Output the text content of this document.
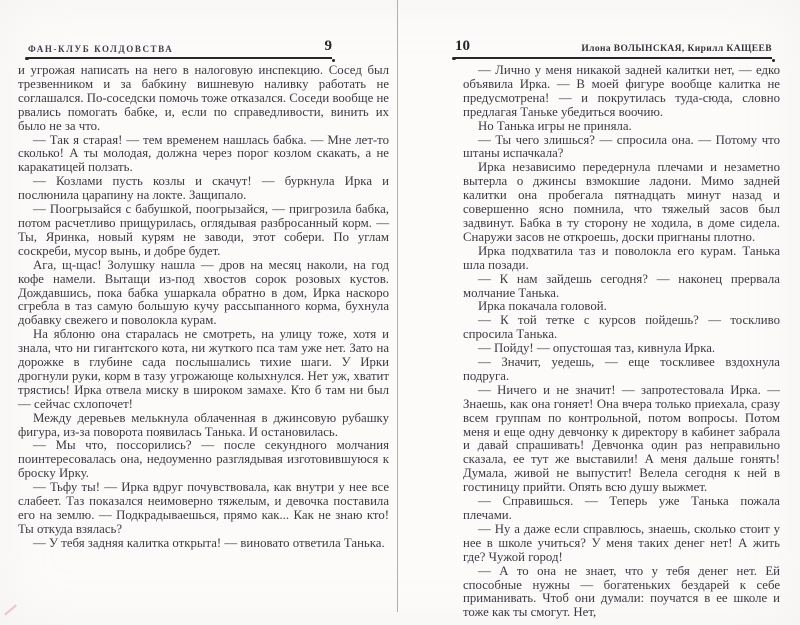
ФАН-КЛУБ КОЛДОВСТВА	9

и угрожая написать на него в налоговую инспекцию. Сосед был трезвенником и за бабкину вишневую наливку работать не соглашался. По-соседски помочь тоже отказался. Соседи вообще не рвались помогать бабке, и, если по справедливости, винить их было не за что.

— Так я старая! — тем временем нашлась бабка. — Мне лет-то сколько! А ты молодая, должна через порог козлом скакать, а не каракатицей ползать.

— Козлами пусть козлы и скачут! — буркнула Ирка и послюнила царапину на локте. Защипало.

— Поогрызайся с бабушкой, поогрызайся, — пригрозила бабка, потом расчетливо прищурилась, оглядывая разбросанный корм. — Ты, Яринка, новый курям не заводи, этот собери. По углам соскреби, мусор вынь, и добре будет.

Ага, щ-щас! Золушку нашла — дров на месяц наколи, на год кофе намели. Вытащи из-под хвостов сорок розовых кустов. Дождавшись, пока бабка ушаркала обратно в дом, Ирка наскоро сгребла в таз самую большую кучу рассыпанного корма, бухнула добавку свежего и поволокла курам.

На яблоню она старалась не смотреть, на улицу тоже, хотя и знала, что ни гигантского кота, ни жуткого пса там уже нет. Зато на дорожке в глубине сада послышались тихие шаги. У Ирки дрогнули руки, корм в тазу угрожающе колыхнулся. Нет уж, хватит трястись! Ирка отвела миску в широком замахе. Кто б там ни был — сейчас схлопочет!

Между деревьев мелькнула облаченная в джинсовую рубашку фигура, из-за поворота появилась Танька. И остановилась.

— Мы что, поссорились? — после секундного молчания поинтересовалась она, недоуменно разглядывая изготовившуюся к броску Ирку.

— Тьфу ты! — Ирка вдруг почувствовала, как внутри у нее все слабеет. Таз показался неимоверно тяжелым, и девочка поставила его на землю. — Подкрадываешься, прямо как... Как не знаю кто! Ты откуда взялась?

— У тебя задняя калитка открыта! — виновато ответила Танька.

10	Илона ВОЛЫНСКАЯ, Кирилл КАЩЕЕВ

— Лично у меня никакой задней калитки нет, — едко объявила Ирка. — В моей фигуре вообще калитка не предусмотрена! — и покрутилась туда-сюда, словно предлагая Таньке убедиться воочию.

Но Танька игры не приняла.

— Ты чего злишься? — спросила она. — Потому что штаны испачкала?

Ирка независимо передернула плечами и незаметно вытерла о джинсы взмокшие ладони. Мимо задней калитки она пробегала пятнадцать минут назад и совершенно ясно помнила, что тяжелый засов был задвинут. Бабка в ту сторону не ходила, в доме сидела. Снаружи засов не откроешь, доски пригнаны плотно.

Ирка подхватила таз и поволокла его курам. Танька шла позади.

— К нам зайдешь сегодня? — наконец прервала молчание Танька.

Ирка покачала головой.

— К той тетке с курсов пойдешь? — тоскливо спросила Танька.

— Пойду! — опустошая таз, кивнула Ирка.

— Значит, уедешь, — еще тоскливее вздохнула подруга.

— Ничего и не значит! — запротестовала Ирка. — Знаешь, как она гоняет! Она вчера только приехала, сразу всем группам по контрольной, потом вопросы. Потом меня и еще одну девчонку к директору в кабинет забрала и давай спрашивать! Девчонка один раз неправильно сказала, ее тут же выставили! А меня дальше гонять! Думала, живой не выпустит! Велела сегодня к ней в гостиницу прийти. Опять всю душу выжмет.

— Справишься. — Теперь уже Танька пожала плечами.

— Ну а даже если справлюсь, знаешь, сколько стоит у нее в школе учиться? У меня таких денег нет! А жить где? Чужой город!

— А то она не знает, что у тебя денег нет. Ей способные нужны — богатеньких бездарей к себе приманивать. Чтоб они думали: поучатся в ее школе и тоже как ты смогут. Нет,
